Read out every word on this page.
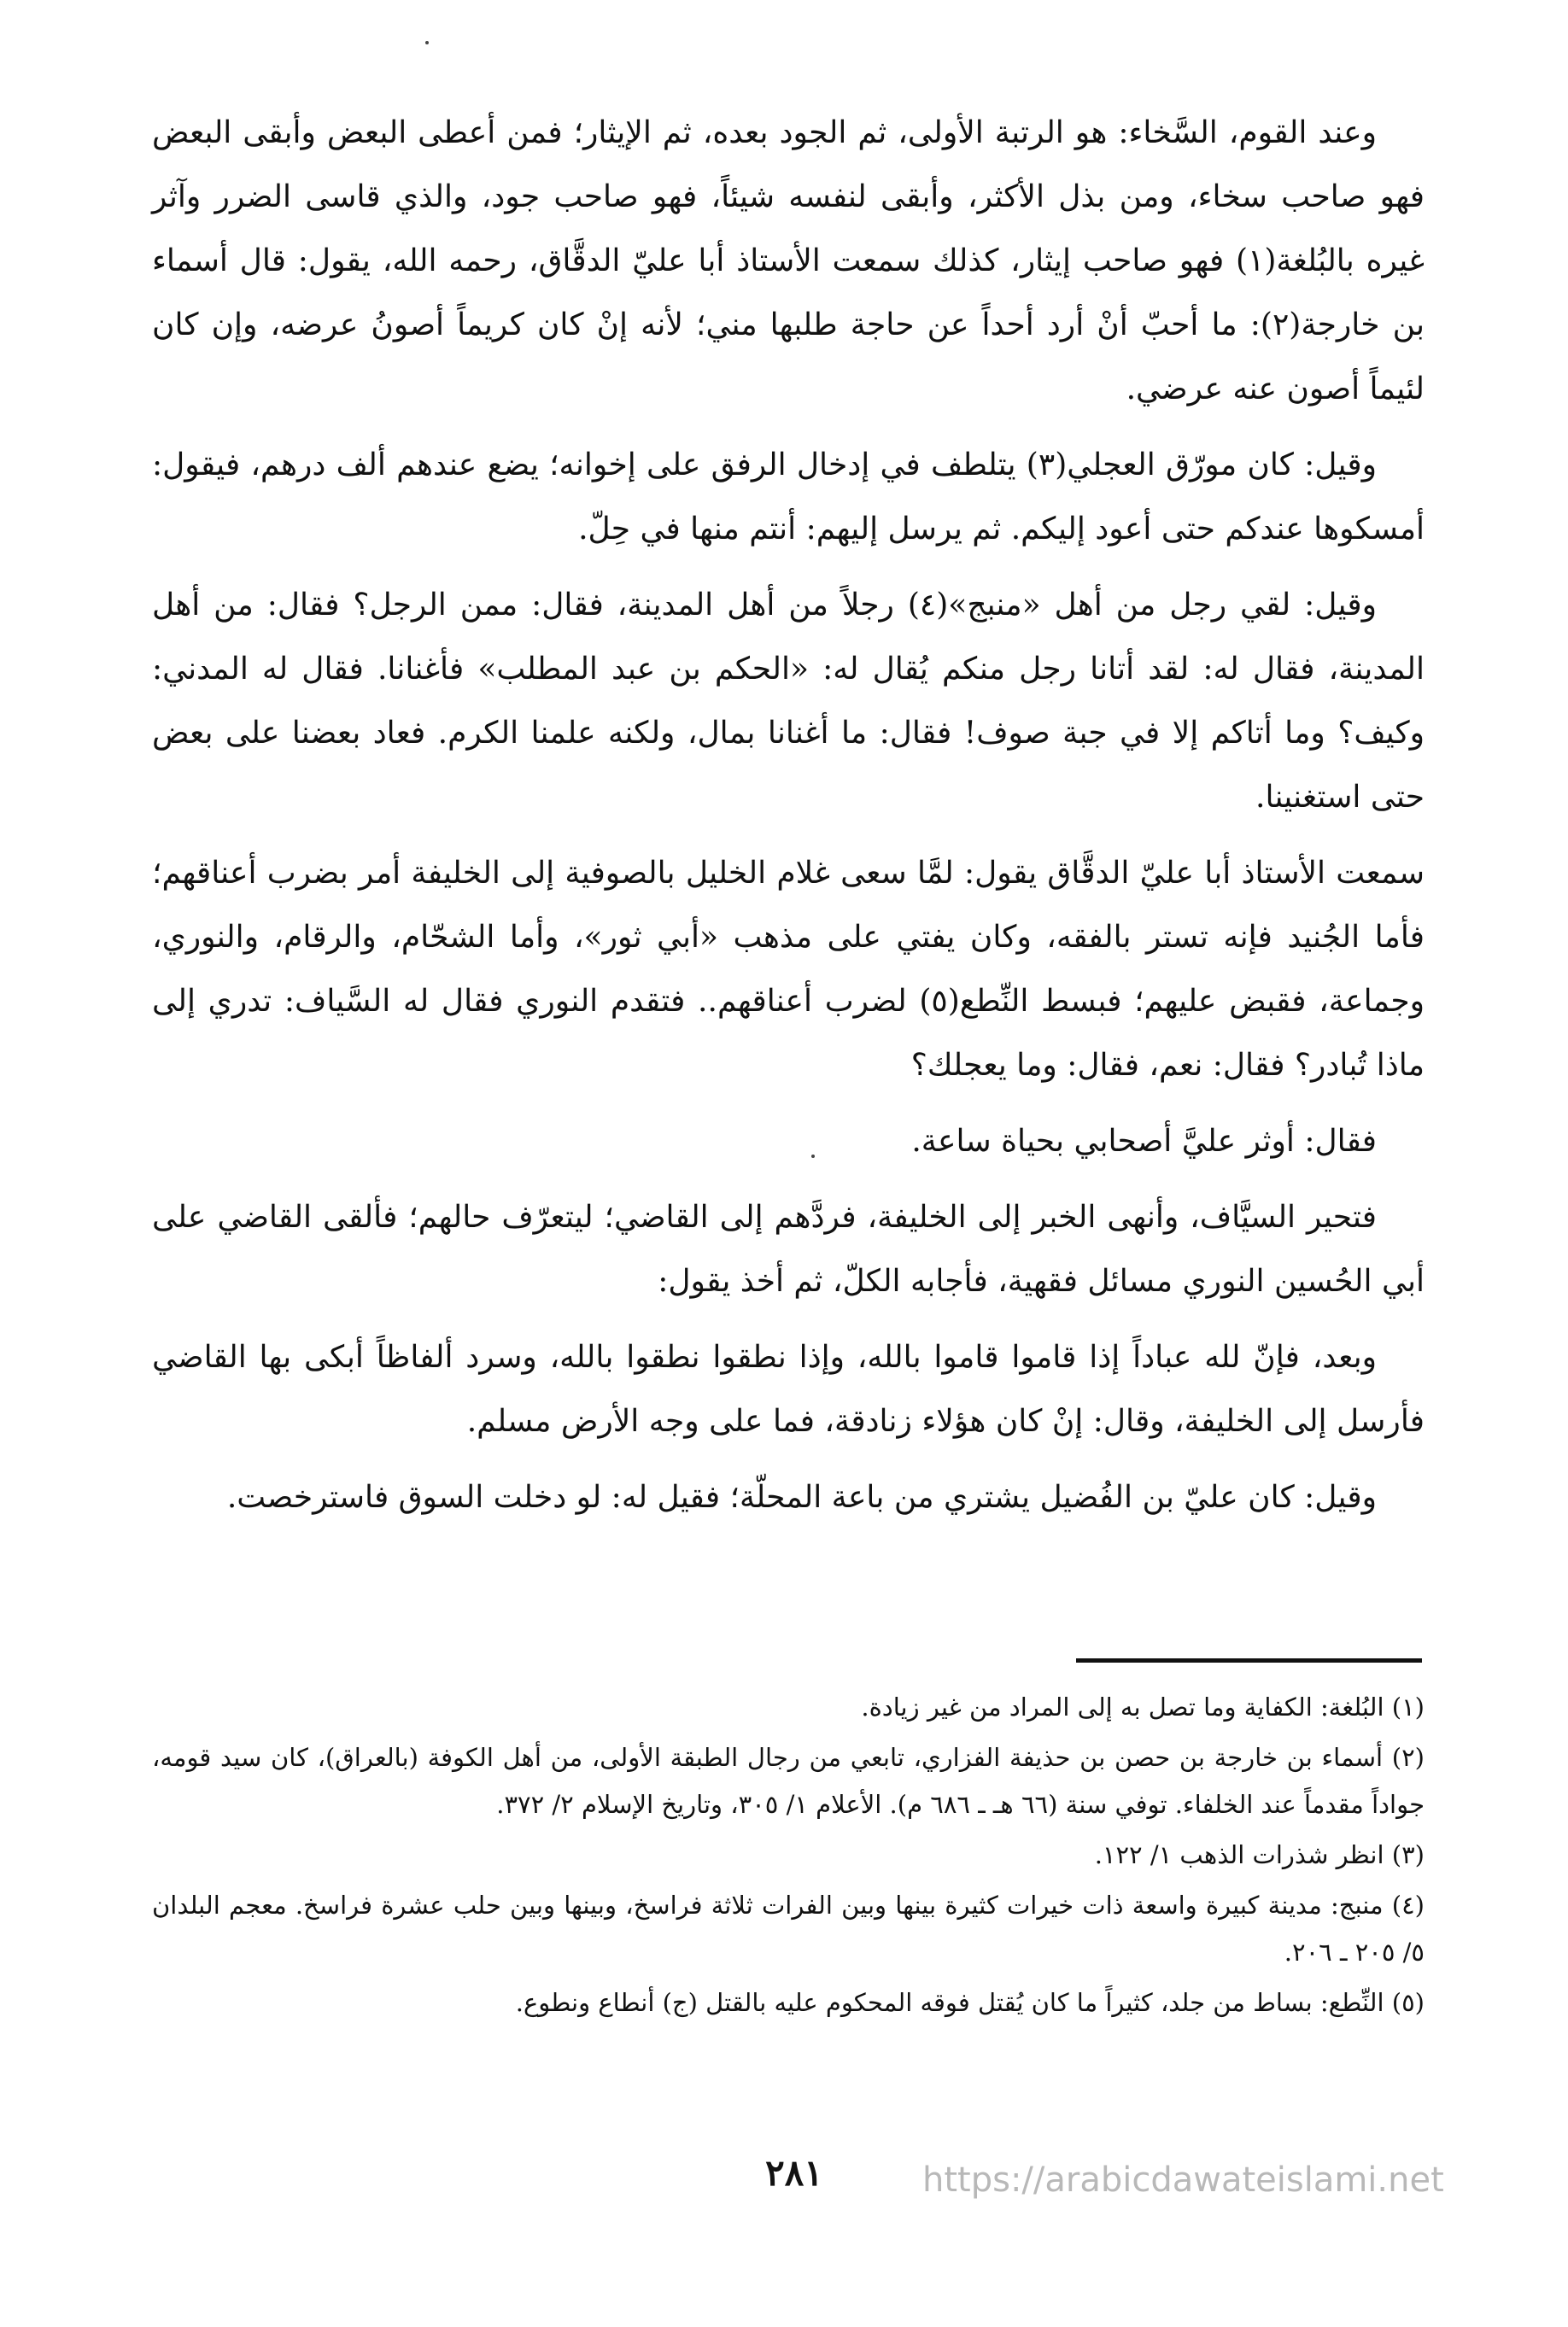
وعند القوم، السَّخاء: هو الرتبة الأولى، ثم الجود بعده، ثم الإيثار؛ فمن أعطى البعض وأبقى البعض فهو صاحب سخاء، ومن بذل الأكثر، وأبقى لنفسه شيئاً، فهو صاحب جود، والذي قاسى الضرر وآثر غيره بالبُلغة(١) فهو صاحب إيثار، كذلك سمعت الأستاذ أبا عليّ الدقَّاق، رحمه الله، يقول: قال أسماء بن خارجة(٢): ما أحبّ أنْ أرد أحداً عن حاجة طلبها مني؛ لأنه إنْ كان كريماً أصونُ عرضه، وإن كان لئيماً أصون عنه عرضي.

وقيل: كان مورّق العجلي(٣) يتلطف في إدخال الرفق على إخوانه؛ يضع عندهم ألف درهم، فيقول: أمسكوها عندكم حتى أعود إليكم. ثم يرسل إليهم: أنتم منها في حِلّ.

وقيل: لقي رجل من أهل «منبج»(٤) رجلاً من أهل المدينة، فقال: ممن الرجل؟ فقال: من أهل المدينة، فقال له: لقد أتانا رجل منكم يُقال له: «الحكم بن عبد المطلب» فأغنانا. فقال له المدني: وكيف؟ وما أتاكم إلا في جبة صوف! فقال: ما أغنانا بمال، ولكنه علمنا الكرم. فعاد بعضنا على بعض حتى استغنينا.

سمعت الأستاذ أبا عليّ الدقَّاق يقول: لمَّا سعى غلام الخليل بالصوفية إلى الخليفة أمر بضرب أعناقهم؛ فأما الجُنيد فإنه تستر بالفقه، وكان يفتي على مذهب «أبي ثور»، وأما الشحّام، والرقام، والنوري، وجماعة، فقبض عليهم؛ فبسط النِّطع(٥) لضرب أعناقهم.. فتقدم النوري فقال له السَّياف: تدري إلى ماذا تُبادر؟ فقال: نعم، فقال: وما يعجلك؟

فقال: أوثر عليَّ أصحابي بحياة ساعة.

فتحير السيَّاف، وأنهى الخبر إلى الخليفة، فردَّهم إلى القاضي؛ ليتعرّف حالهم؛ فألقى القاضي على أبي الحُسين النوري مسائل فقهية، فأجابه الكلّ، ثم أخذ يقول:

وبعد، فإنّ لله عباداً إذا قاموا قاموا بالله، وإذا نطقوا نطقوا بالله، وسرد ألفاظاً أبكى بها القاضي فأرسل إلى الخليفة، وقال: إنْ كان هؤلاء زنادقة، فما على وجه الأرض مسلم.

وقيل: كان عليّ بن الفُضيل يشتري من باعة المحلّة؛ فقيل له: لو دخلت السوق فاسترخصت.

(١) البُلغة: الكفاية وما تصل به إلى المراد من غير زيادة.

(٢) أسماء بن خارجة بن حصن بن حذيفة الفزاري، تابعي من رجال الطبقة الأولى، من أهل الكوفة (بالعراق)، كان سيد قومه، جواداً مقدماً عند الخلفاء. توفي سنة (٦٦ هـ ـ ٦٨٦ م). الأعلام ١/ ٣٠٥، وتاريخ الإسلام ٢/ ٣٧٢.

(٣) انظر شذرات الذهب ١/ ١٢٢.

(٤) منبج: مدينة كبيرة واسعة ذات خيرات كثيرة بينها وبين الفرات ثلاثة فراسخ، وبينها وبين حلب عشرة فراسخ. معجم البلدان ٥/ ٢٠٥ ـ ٢٠٦.

(٥) النِّطع: بساط من جلد، كثيراً ما كان يُقتل فوقه المحكوم عليه بالقتل (ج) أنطاع ونطوع.

٢٨١	https://arabicdawateislami.net
